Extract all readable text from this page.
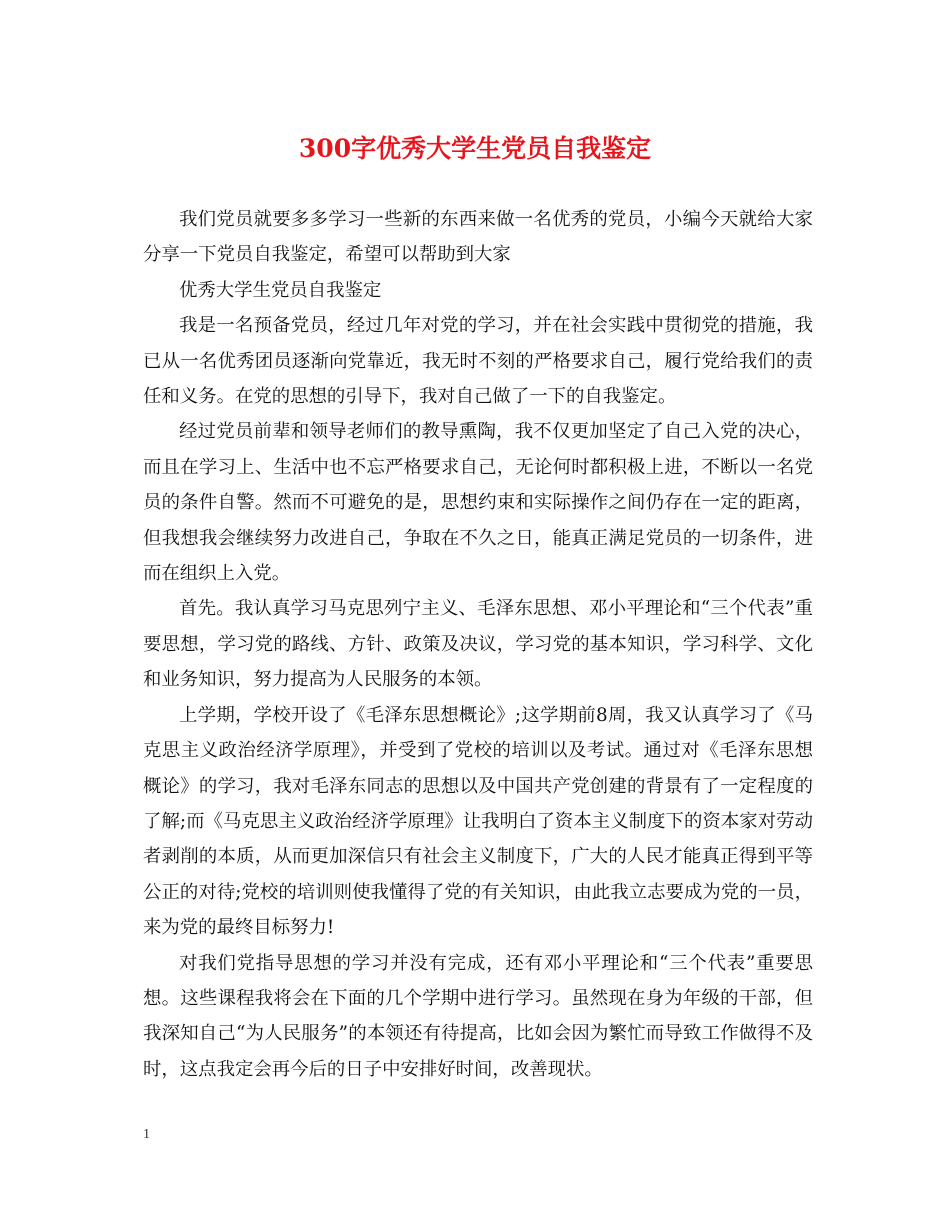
300字优秀大学生党员自我鉴定

我们党员就要多多学习一些新的东西来做一名优秀的党员，小编今天就给大家分享一下党员自我鉴定，希望可以帮助到大家

优秀大学生党员自我鉴定

我是一名预备党员，经过几年对党的学习，并在社会实践中贯彻党的措施，我已从一名优秀团员逐渐向党靠近，我无时不刻的严格要求自己，履行党给我们的责任和义务。在党的思想的引导下，我对自己做了一下的自我鉴定。

经过党员前辈和领导老师们的教导熏陶，我不仅更加坚定了自己入党的决心，而且在学习上、生活中也不忘严格要求自己，无论何时都积极上进，不断以一名党员的条件自警。然而不可避免的是，思想约束和实际操作之间仍存在一定的距离，但我想我会继续努力改进自己，争取在不久之日，能真正满足党员的一切条件，进而在组织上入党。

首先。我认真学习马克思列宁主义、毛泽东思想、邓小平理论和“三个代表”重要思想，学习党的路线、方针、政策及决议，学习党的基本知识，学习科学、文化和业务知识，努力提高为人民服务的本领。

上学期，学校开设了《毛泽东思想概论》;这学期前8周，我又认真学习了《马克思主义政治经济学原理》，并受到了党校的培训以及考试。通过对《毛泽东思想概论》的学习，我对毛泽东同志的思想以及中国共产党创建的背景有了一定程度的了解;而《马克思主义政治经济学原理》让我明白了资本主义制度下的资本家对劳动者剥削的本质，从而更加深信只有社会主义制度下，广大的人民才能真正得到平等公正的对待;党校的培训则使我懂得了党的有关知识，由此我立志要成为党的一员，来为党的最终目标努力!

对我们党指导思想的学习并没有完成，还有邓小平理论和“三个代表”重要思想。这些课程我将会在下面的几个学期中进行学习。虽然现在身为年级的干部，但我深知自己“为人民服务”的本领还有待提高，比如会因为繁忙而导致工作做得不及时，这点我定会再今后的日子中安排好时间，改善现状。

1
